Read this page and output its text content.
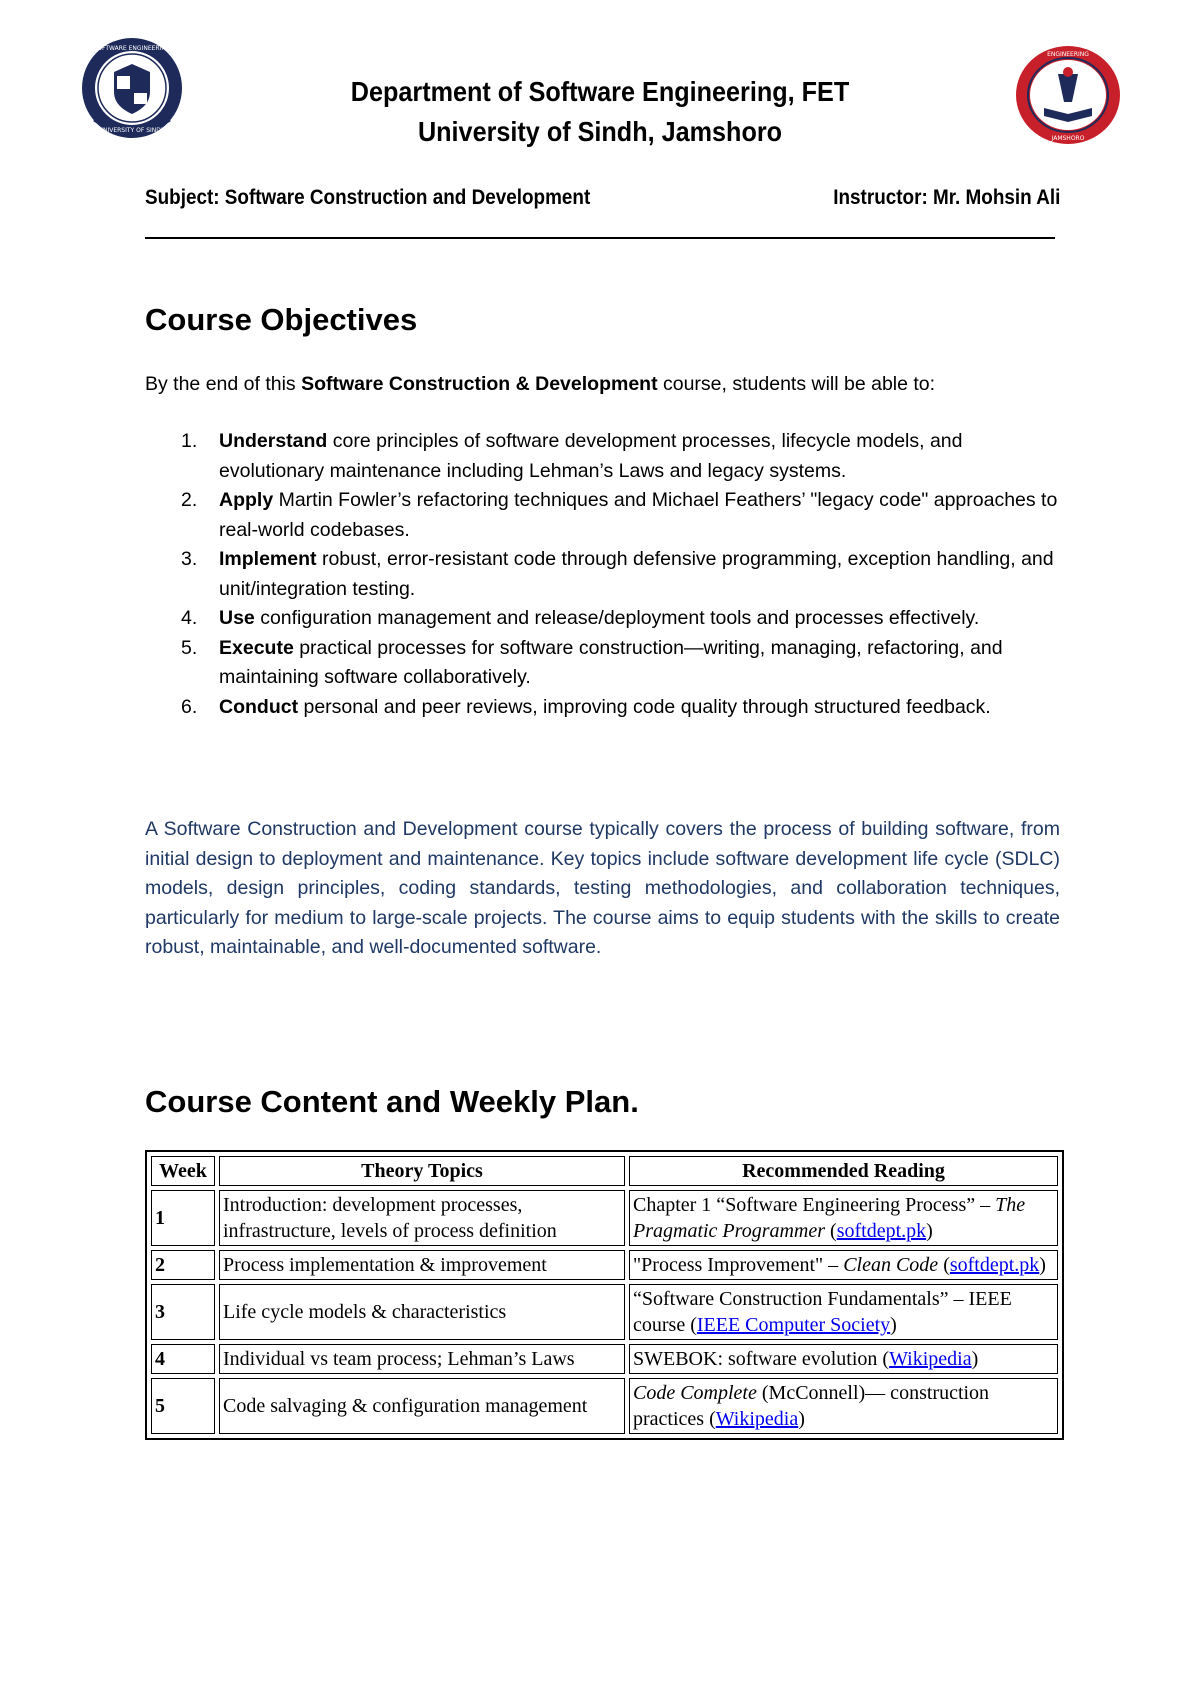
SOFTWARE ENGINEERING
UNIVERSITY OF SINDH
ENGINEERING
JAMSHORO
Department of Software Engineering, FET
University of Sindh, Jamshoro
Subject: Software Construction and Development	Instructor: Mr. Mohsin Ali
Course Objectives
By the end of this Software Construction & Development course, students will be able to:
1. Understand core principles of software development processes, lifecycle models, and evolutionary maintenance including Lehman’s Laws and legacy systems.
2. Apply Martin Fowler’s refactoring techniques and Michael Feathers’ "legacy code" approaches to real-world codebases.
3. Implement robust, error-resistant code through defensive programming, exception handling, and unit/integration testing.
4. Use configuration management and release/deployment tools and processes effectively.
5. Execute practical processes for software construction—writing, managing, refactoring, and maintaining software collaboratively.
6. Conduct personal and peer reviews, improving code quality through structured feedback.

A Software Construction and Development course typically covers the process of building software, from initial design to deployment and maintenance. Key topics include software development life cycle (SDLC) models, design principles, coding standards, testing methodologies, and collaboration techniques, particularly for medium to large-scale projects. The course aims to equip students with the skills to create robust, maintainable, and well-documented software.

Course Content and Weekly Plan.
Week	Theory Topics	Recommended Reading
1	Introduction: development processes, infrastructure, levels of process definition	Chapter 1 “Software Engineering Process” – The Pragmatic Programmer (softdept.pk)
2	Process implementation & improvement	"Process Improvement" – Clean Code (softdept.pk)
3	Life cycle models & characteristics	“Software Construction Fundamentals” – IEEE course (IEEE Computer Society)
4	Individual vs team process; Lehman’s Laws	SWEBOK: software evolution (Wikipedia)
5	Code salvaging & configuration management	Code Complete (McConnell)— construction practices (Wikipedia)
